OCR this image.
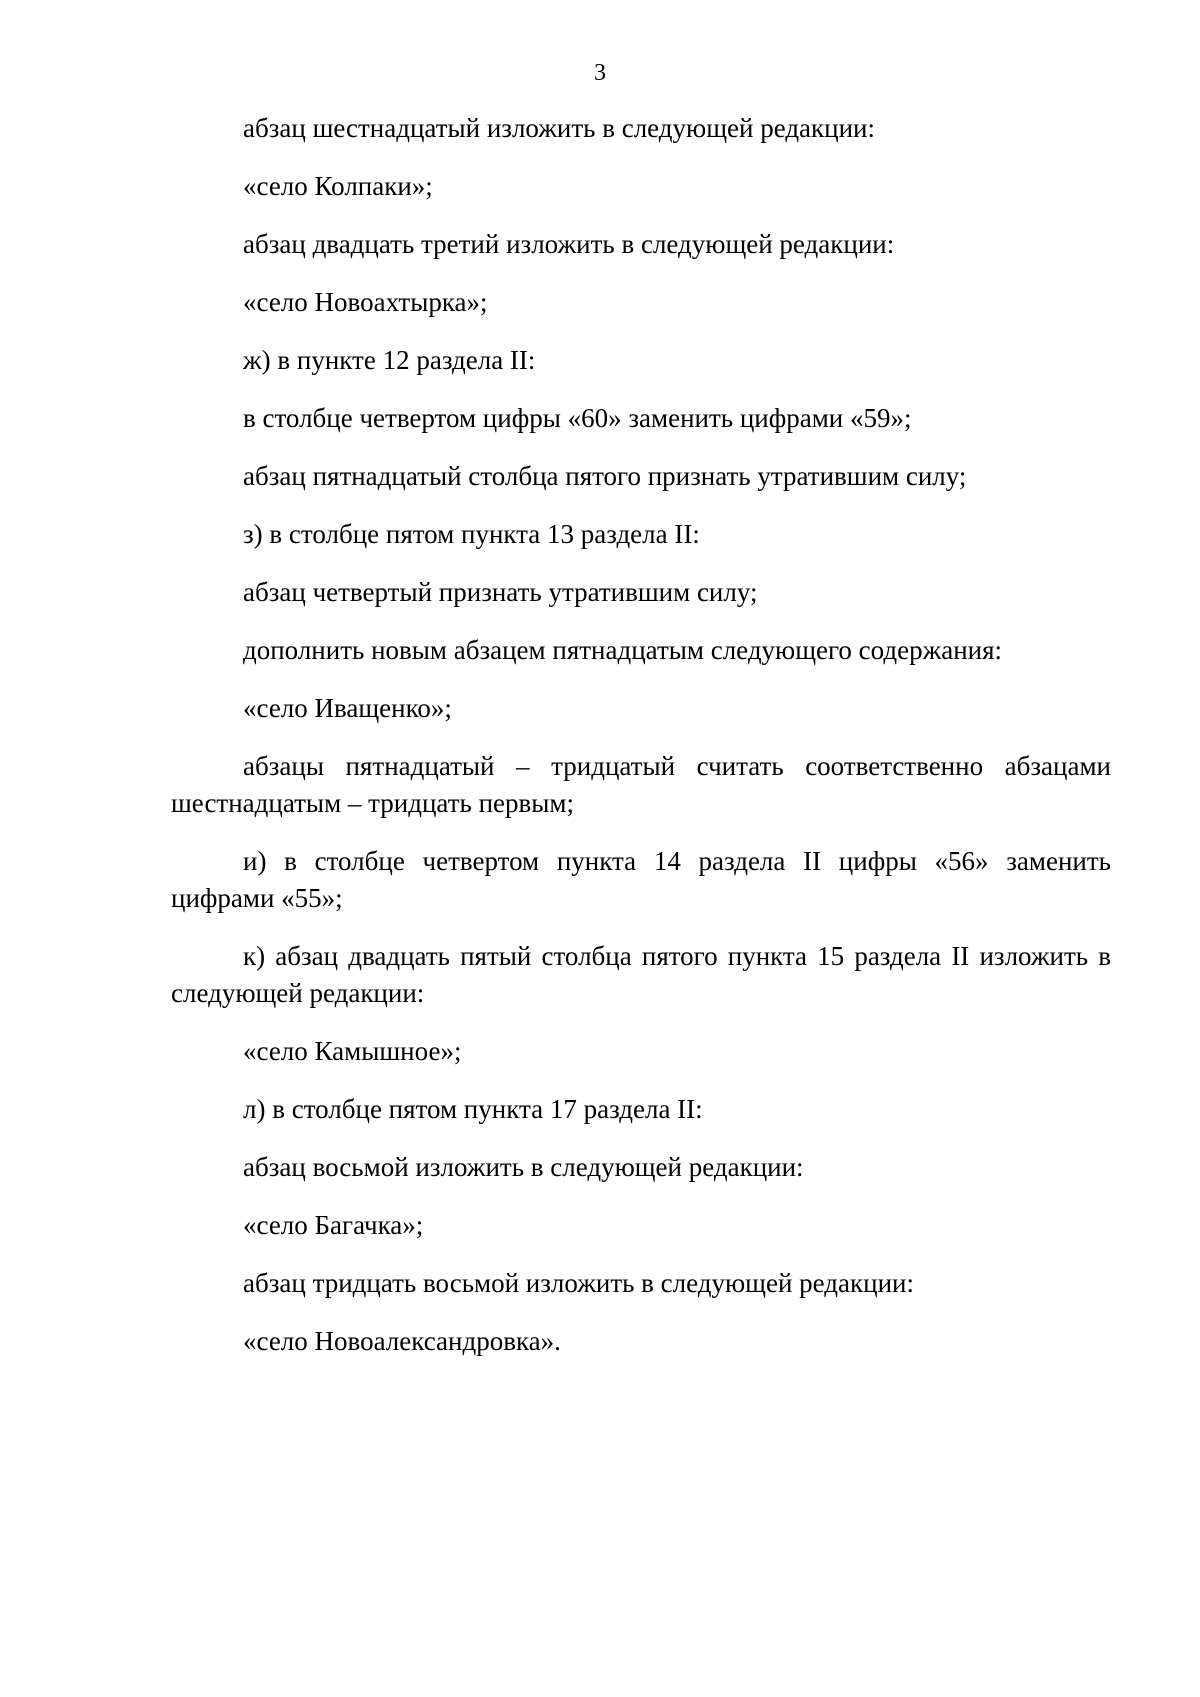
3

абзац шестнадцатый изложить в следующей редакции:

«село Колпаки»;

абзац двадцать третий изложить в следующей редакции:

«село Новоахтырка»;

ж) в пункте 12 раздела II:

в столбце четвертом цифры «60» заменить цифрами «59»;

абзац пятнадцатый столбца пятого признать утратившим силу;

з) в столбце пятом пункта 13 раздела II:

абзац четвертый признать утратившим силу;

дополнить новым абзацем пятнадцатым следующего содержания:

«село Иващенко»;

абзацы пятнадцатый – тридцатый считать соответственно абзацами шестнадцатым – тридцать первым;

и) в столбце четвертом пункта 14 раздела II цифры «56» заменить цифрами «55»;

к) абзац двадцать пятый столбца пятого пункта 15 раздела II изложить в следующей редакции:

«село Камышное»;

л) в столбце пятом пункта 17 раздела II:

абзац восьмой изложить в следующей редакции:

«село Багачка»;

абзац тридцать восьмой изложить в следующей редакции:

«село Новоалександровка».
